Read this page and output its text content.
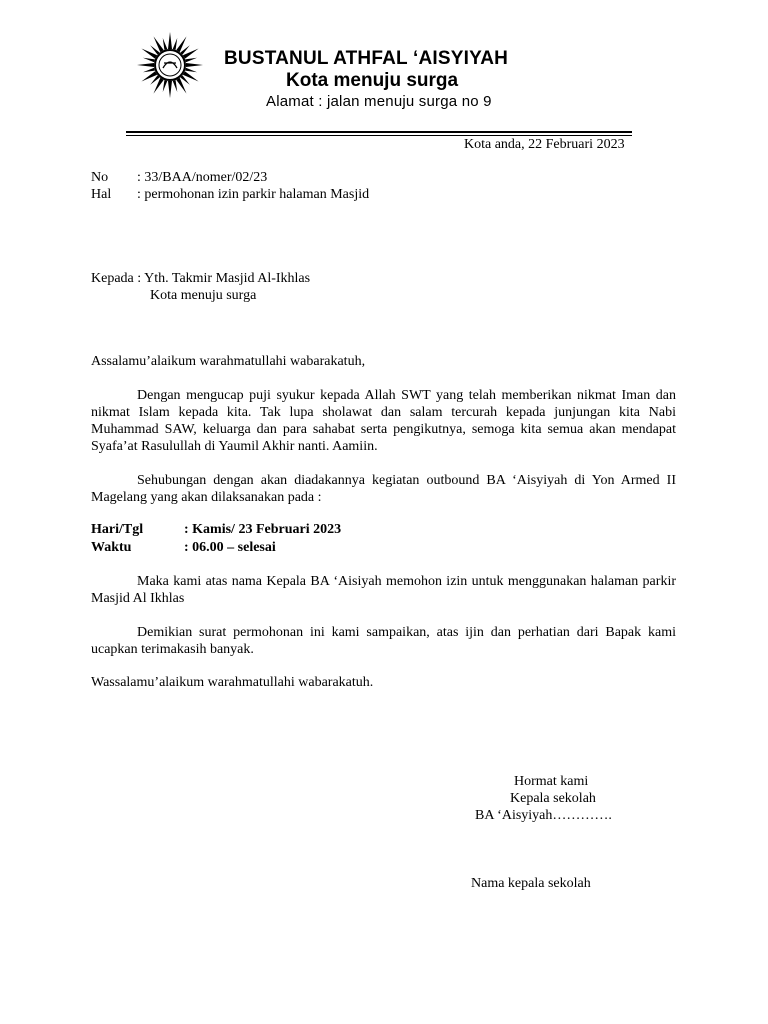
BUSTANUL ATHFAL ‘AISYIYAH
Kota menuju surga
Alamat : jalan menuju surga no 9
Kota anda, 22 Februari 2023
No : 33/BAA/nomer/02/23
Hal : permohonan izin parkir halaman Masjid
Kepada : Yth. Takmir Masjid Al-Ikhlas
Kota menuju surga
Assalamu’alaikum warahmatullahi wabarakatuh,
Dengan mengucap puji syukur kepada Allah SWT yang telah memberikan nikmat Iman dan nikmat Islam kepada kita. Tak lupa sholawat dan salam tercurah kepada junjungan kita Nabi Muhammad SAW, keluarga dan para sahabat serta pengikutnya, semoga kita semua akan mendapat Syafa’at Rasulullah di Yaumil Akhir nanti. Aamiin.
Sehubungan dengan akan diadakannya kegiatan outbound BA ‘Aisyiyah di Yon Armed II Magelang yang akan dilaksanakan pada :
Hari/Tgl	: Kamis/ 23 Februari 2023
Waktu	: 06.00 – selesai
Maka kami atas nama Kepala BA ‘Aisiyah memohon izin untuk menggunakan halaman parkir Masjid Al Ikhlas
Demikian surat permohonan ini kami sampaikan, atas ijin dan perhatian dari Bapak kami ucapkan terimakasih banyak.
Wassalamu’alaikum warahmatullahi wabarakatuh.
Hormat kami
Kepala sekolah
BA ‘Aisyiyah………….
Nama kepala sekolah
